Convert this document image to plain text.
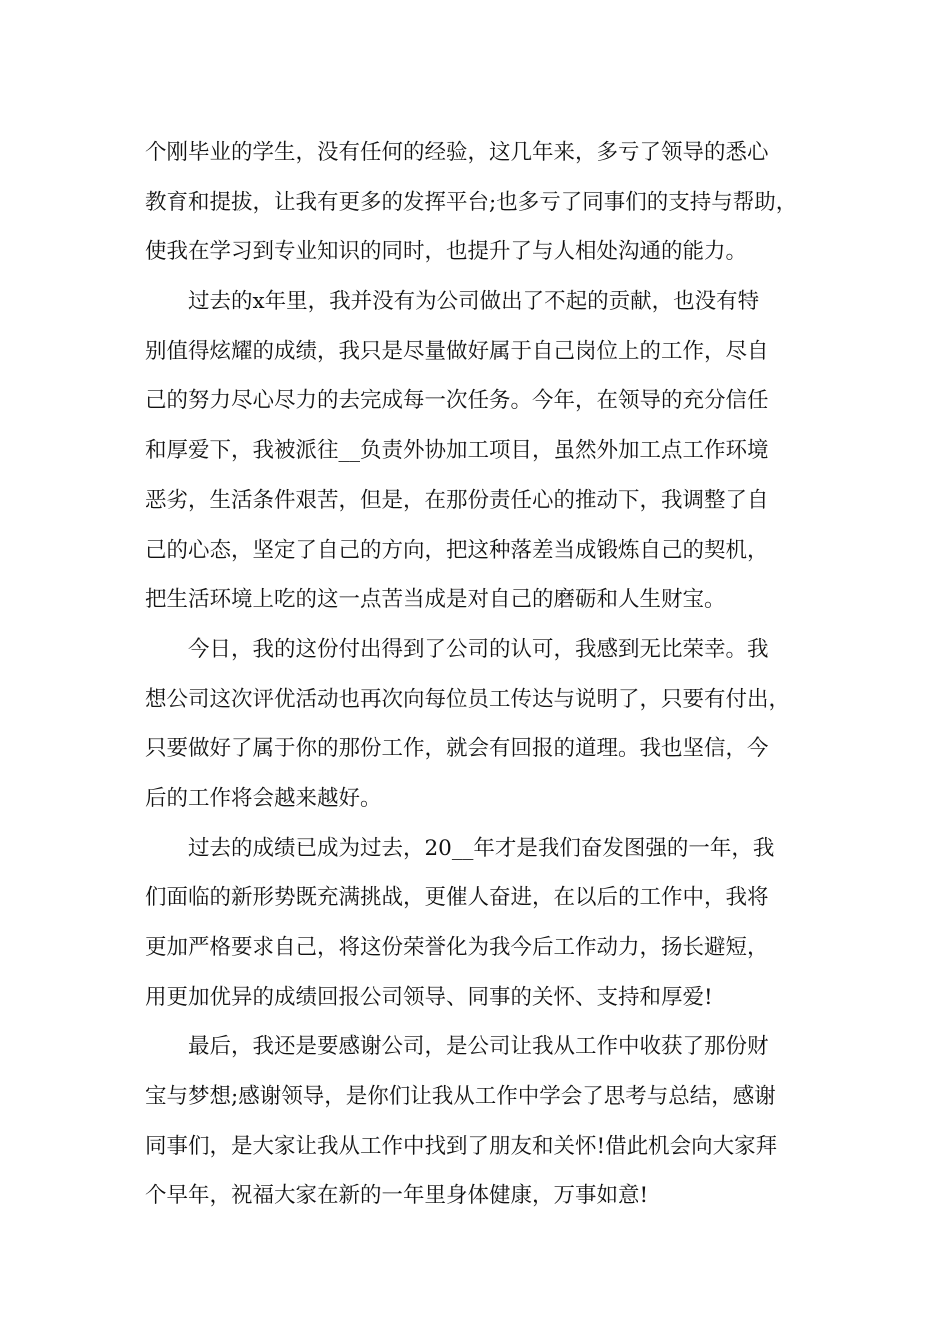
个刚毕业的学生，没有任何的经验，这几年来，多亏了领导的悉心
教育和提拔，让我有更多的发挥平台;也多亏了同事们的支持与帮助，
使我在学习到专业知识的同时，也提升了与人相处沟通的能力。
　　过去的x年里，我并没有为公司做出了不起的贡献，也没有特
别值得炫耀的成绩，我只是尽量做好属于自己岗位上的工作，尽自
己的努力尽心尽力的去完成每一次任务。今年，在领导的充分信任
和厚爱下，我被派往__负责外协加工项目，虽然外加工点工作环境
恶劣，生活条件艰苦，但是，在那份责任心的推动下，我调整了自
己的心态，坚定了自己的方向，把这种落差当成锻炼自己的契机，
把生活环境上吃的这一点苦当成是对自己的磨砺和人生财宝。
　　今日，我的这份付出得到了公司的认可，我感到无比荣幸。我
想公司这次评优活动也再次向每位员工传达与说明了，只要有付出，
只要做好了属于你的那份工作，就会有回报的道理。我也坚信，今
后的工作将会越来越好。
　　过去的成绩已成为过去，20__年才是我们奋发图强的一年，我
们面临的新形势既充满挑战，更催人奋进，在以后的工作中，我将
更加严格要求自己，将这份荣誉化为我今后工作动力，扬长避短，
用更加优异的成绩回报公司领导、同事的关怀、支持和厚爱!
　　最后，我还是要感谢公司，是公司让我从工作中收获了那份财
宝与梦想;感谢领导，是你们让我从工作中学会了思考与总结，感谢
同事们，是大家让我从工作中找到了朋友和关怀!借此机会向大家拜
个早年，祝福大家在新的一年里身体健康，万事如意!
